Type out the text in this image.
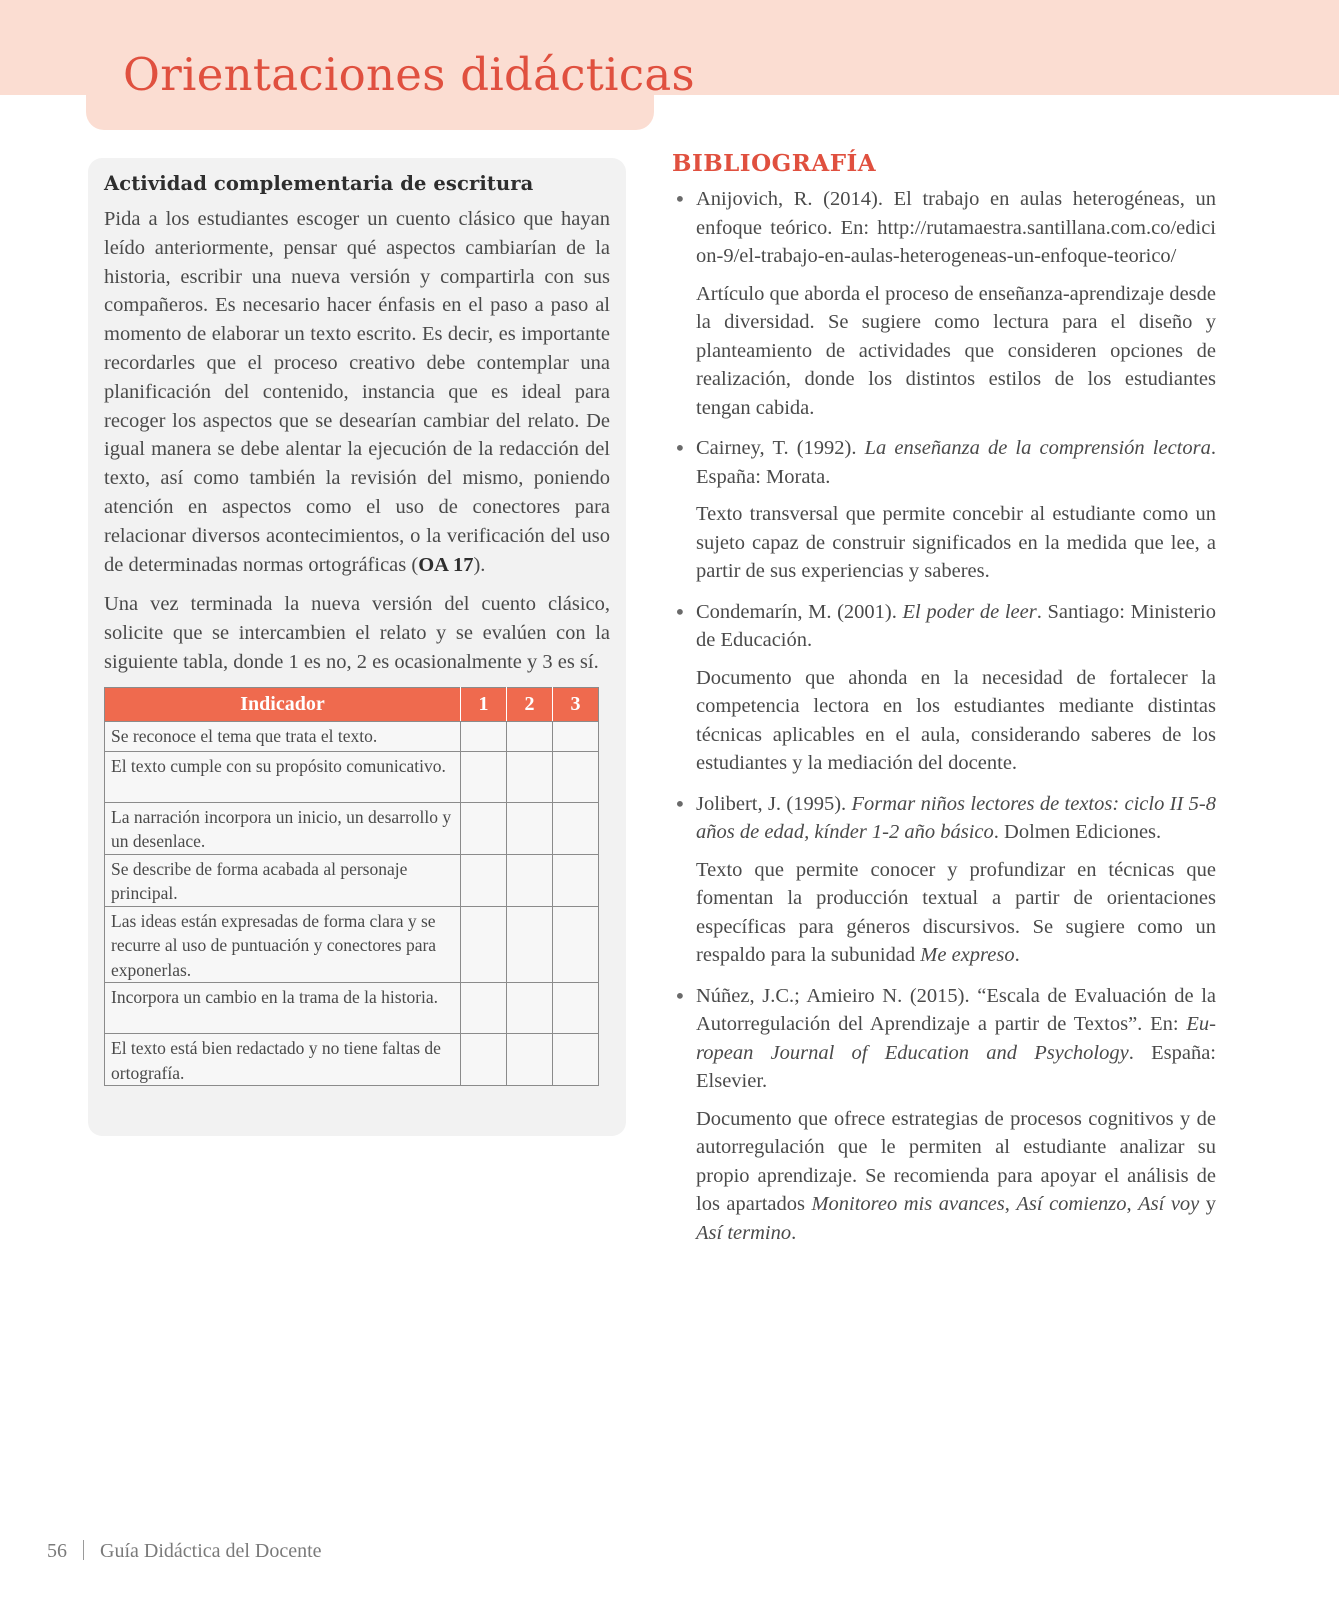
Orientaciones didácticas
Actividad complementaria de escritura

Pida a los estudiantes escoger un cuento clásico que hayan leído anteriormente, pensar qué aspectos cambiarían de la historia, escribir una nueva versión y compartirla con sus compañeros. Es necesario hacer énfasis en el paso a paso al momento de elaborar un texto escrito. Es decir, es importante recordarles que el proceso creativo debe contemplar una planificación del contenido, instancia que es ideal para recoger los aspectos que se desearían cambiar del relato. De igual manera se debe alentar la ejecución de la redacción del texto, así como también la revisión del mismo, poniendo atención en aspectos como el uso de conectores para relacionar diversos acontecimientos, o la verificación del uso de determinadas normas ortográficas (OA 17).

Una vez terminada la nueva versión del cuento clásico, solicite que se intercambien el relato y se evalúen con la siguiente tabla, donde 1 es no, 2 es ocasionalmente y 3 es sí.

Indicador	1	2	3
Se reconoce el tema que trata el texto.			
El texto cumple con su propósito comunicativo.			
La narración incorpora un inicio, un desarrollo y un desenlace.			
Se describe de forma acabada al personaje principal.			
Las ideas están expresadas de forma clara y se recurre al uso de puntuación y conectores para exponerlas.			
Incorpora un cambio en la trama de la historia.			
El texto está bien redactado y no tiene faltas de ortografía.			
BIBLIOGRAFÍA
• Anijovich, R. (2014). El trabajo en aulas heterogéneas, un enfoque teórico. En: http://rutamaestra.santillana.com.co/edicion-9/el-trabajo-en-aulas-heterogeneas-un-enfoque-teorico/

Artículo que aborda el proceso de enseñanza-aprendizaje desde la diversidad. Se sugiere como lectura para el diseño y planteamiento de actividades que consideren opciones de realización, donde los distintos estilos de los estudiantes tengan cabida.

• Cairney, T. (1992). La enseñanza de la comprensión lectora. España: Morata.

Texto transversal que permite concebir al estudiante como un sujeto capaz de construir significados en la medida que lee, a partir de sus experiencias y saberes.

• Condemarín, M. (2001). El poder de leer. Santiago: Ministerio de Educación.

Documento que ahonda en la necesidad de fortalecer la competencia lectora en los estudiantes mediante distintas técnicas aplicables en el aula, considerando saberes de los estudiantes y la mediación del docente.

• Jolibert, J. (1995). Formar niños lectores de textos: ciclo II 5-8 años de edad, kínder 1-2 año básico. Dolmen Ediciones.

Texto que permite conocer y profundizar en técnicas que fomentan la producción textual a partir de orientaciones específicas para géneros discursivos. Se sugiere como un respaldo para la subunidad Me expreso.

• Núñez, J.C.; Amieiro N. (2015). “Escala de Evaluación de la Autorregulación del Aprendizaje a partir de Textos”. En: European Journal of Education and Psychology. España: Elsevier.

Documento que ofrece estrategias de procesos cognitivos y de autorregulación que le permiten al estudiante analizar su propio aprendizaje. Se recomienda para apoyar el análisis de los apartados Monitoreo mis avances, Así comienzo, Así voy y Así termino.

56 Guía Didáctica del Docente
